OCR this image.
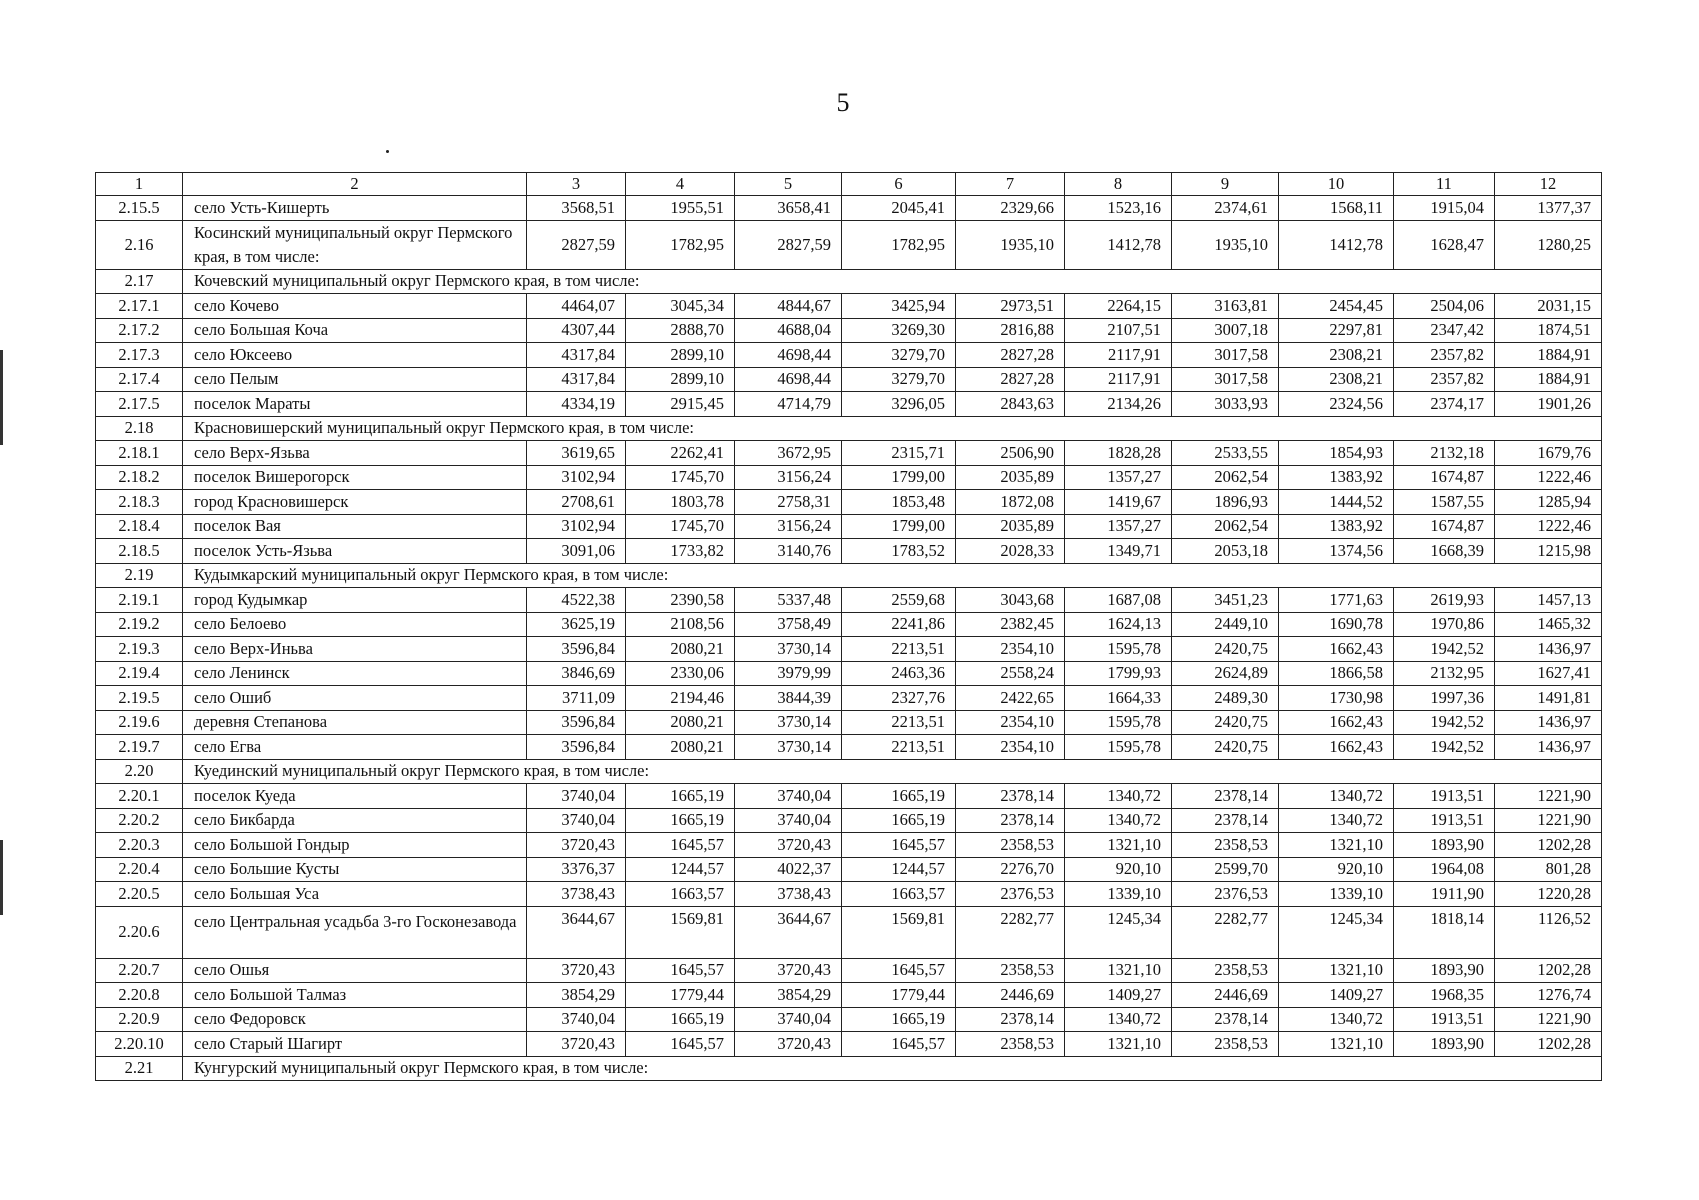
5
1	2	3	4	5	6	7	8	9	10	11	12
2.15.5	село Усть-Кишерть	3568,51	1955,51	3658,41	2045,41	2329,66	1523,16	2374,61	1568,11	1915,04	1377,37
2.16	Косинский муниципальный округ Пермского края, в том числе:	2827,59	1782,95	2827,59	1782,95	1935,10	1412,78	1935,10	1412,78	1628,47	1280,25
2.17	Кочевский муниципальный округ Пермского края, в том числе:										
2.17.1	село Кочево	4464,07	3045,34	4844,67	3425,94	2973,51	2264,15	3163,81	2454,45	2504,06	2031,15
2.17.2	село Большая Коча	4307,44	2888,70	4688,04	3269,30	2816,88	2107,51	3007,18	2297,81	2347,42	1874,51
2.17.3	село Юксеево	4317,84	2899,10	4698,44	3279,70	2827,28	2117,91	3017,58	2308,21	2357,82	1884,91
2.17.4	село Пелым	4317,84	2899,10	4698,44	3279,70	2827,28	2117,91	3017,58	2308,21	2357,82	1884,91
2.17.5	поселок Мараты	4334,19	2915,45	4714,79	3296,05	2843,63	2134,26	3033,93	2324,56	2374,17	1901,26
2.18	Красновишерский муниципальный округ Пермского края, в том числе:										
2.18.1	село Верх-Язьва	3619,65	2262,41	3672,95	2315,71	2506,90	1828,28	2533,55	1854,93	2132,18	1679,76
2.18.2	поселок Вишерогорск	3102,94	1745,70	3156,24	1799,00	2035,89	1357,27	2062,54	1383,92	1674,87	1222,46
2.18.3	город Красновишерск	2708,61	1803,78	2758,31	1853,48	1872,08	1419,67	1896,93	1444,52	1587,55	1285,94
2.18.4	поселок Вая	3102,94	1745,70	3156,24	1799,00	2035,89	1357,27	2062,54	1383,92	1674,87	1222,46
2.18.5	поселок Усть-Язьва	3091,06	1733,82	3140,76	1783,52	2028,33	1349,71	2053,18	1374,56	1668,39	1215,98
2.19	Кудымкарский муниципальный округ Пермского края, в том числе:										
2.19.1	город Кудымкар	4522,38	2390,58	5337,48	2559,68	3043,68	1687,08	3451,23	1771,63	2619,93	1457,13
2.19.2	село Белоево	3625,19	2108,56	3758,49	2241,86	2382,45	1624,13	2449,10	1690,78	1970,86	1465,32
2.19.3	село Верх-Иньва	3596,84	2080,21	3730,14	2213,51	2354,10	1595,78	2420,75	1662,43	1942,52	1436,97
2.19.4	село Ленинск	3846,69	2330,06	3979,99	2463,36	2558,24	1799,93	2624,89	1866,58	2132,95	1627,41
2.19.5	село Ошиб	3711,09	2194,46	3844,39	2327,76	2422,65	1664,33	2489,30	1730,98	1997,36	1491,81
2.19.6	деревня Степанова	3596,84	2080,21	3730,14	2213,51	2354,10	1595,78	2420,75	1662,43	1942,52	1436,97
2.19.7	село Егва	3596,84	2080,21	3730,14	2213,51	2354,10	1595,78	2420,75	1662,43	1942,52	1436,97
2.20	Куединский муниципальный округ Пермского края, в том числе:										
2.20.1	поселок Куеда	3740,04	1665,19	3740,04	1665,19	2378,14	1340,72	2378,14	1340,72	1913,51	1221,90
2.20.2	село Бикбарда	3740,04	1665,19	3740,04	1665,19	2378,14	1340,72	2378,14	1340,72	1913,51	1221,90
2.20.3	село Большой Гондыр	3720,43	1645,57	3720,43	1645,57	2358,53	1321,10	2358,53	1321,10	1893,90	1202,28
2.20.4	село Большие Кусты	3376,37	1244,57	4022,37	1244,57	2276,70	920,10	2599,70	920,10	1964,08	801,28
2.20.5	село Большая Уса	3738,43	1663,57	3738,43	1663,57	2376,53	1339,10	2376,53	1339,10	1911,90	1220,28
2.20.6	село Центральная усадьба 3-го Госконезавода	3644,67	1569,81	3644,67	1569,81	2282,77	1245,34	2282,77	1245,34	1818,14	1126,52
2.20.7	село Ошья	3720,43	1645,57	3720,43	1645,57	2358,53	1321,10	2358,53	1321,10	1893,90	1202,28
2.20.8	село Большой Талмаз	3854,29	1779,44	3854,29	1779,44	2446,69	1409,27	2446,69	1409,27	1968,35	1276,74
2.20.9	село Федоровск	3740,04	1665,19	3740,04	1665,19	2378,14	1340,72	2378,14	1340,72	1913,51	1221,90
2.20.10	село Старый Шагирт	3720,43	1645,57	3720,43	1645,57	2358,53	1321,10	2358,53	1321,10	1893,90	1202,28
2.21	Кунгурский муниципальный округ Пермского края, в том числе:										
